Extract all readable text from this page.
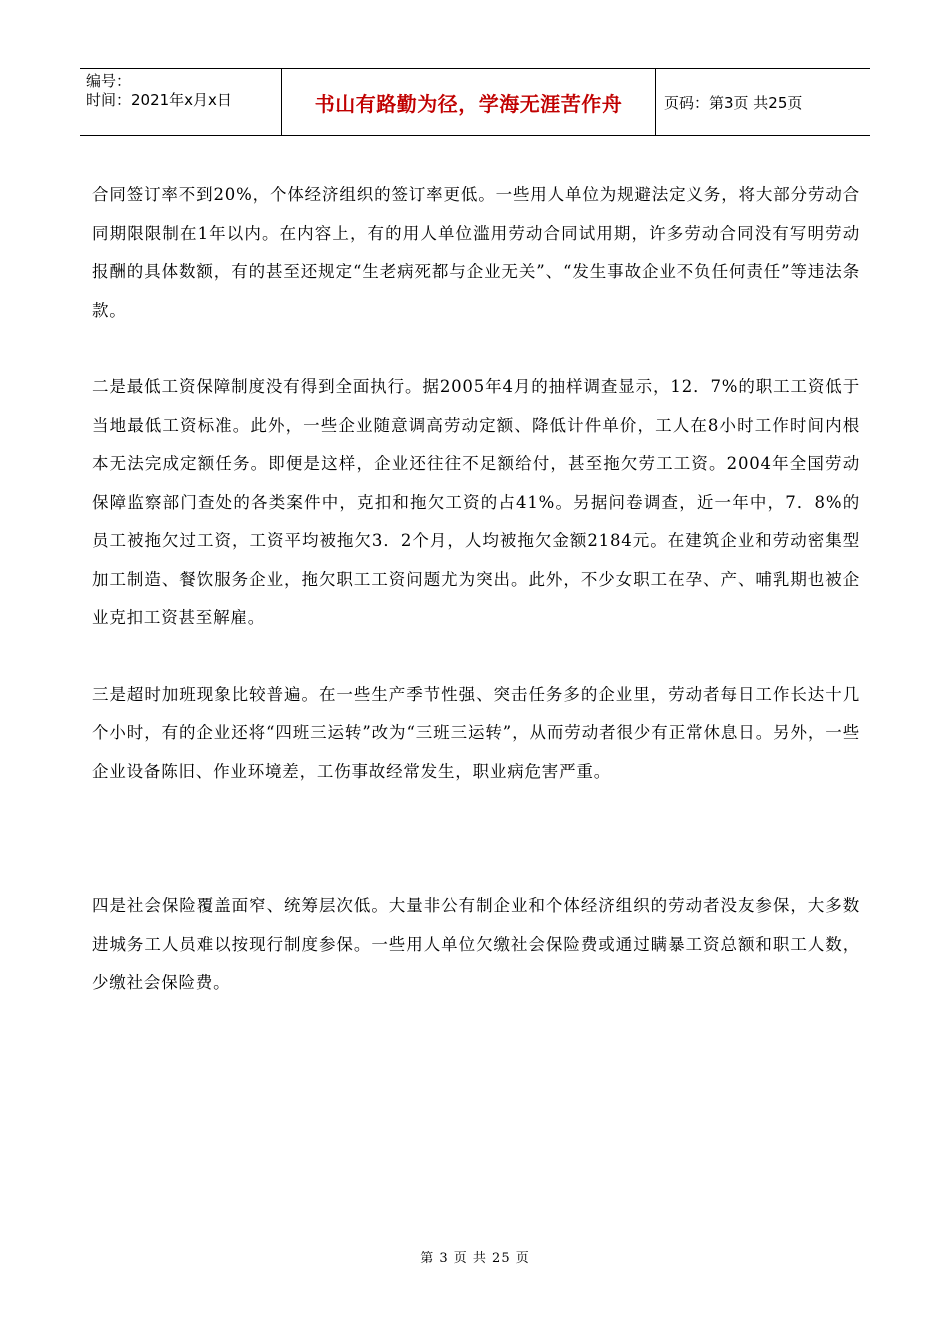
编号：
时间：2021年x月x日	书山有路勤为径，学海无涯苦作舟	页码：第3页 共25页

合同签订率不到20%，个体经济组织的签订率更低。一些用人单位为规避法定义务，将大部分劳动合同期限限制在1年以内。在内容上，有的用人单位滥用劳动合同试用期，许多劳动合同没有写明劳动报酬的具体数额，有的甚至还规定“生老病死都与企业无关”、“发生事故企业不负任何责任”等违法条款。

二是最低工资保障制度没有得到全面执行。据2005年4月的抽样调查显示，12．7%的职工工资低于当地最低工资标准。此外，一些企业随意调高劳动定额、降低计件单价，工人在8小时工作时间内根本无法完成定额任务。即便是这样，企业还往往不足额给付，甚至拖欠劳工工资。2004年全国劳动保障监察部门查处的各类案件中，克扣和拖欠工资的占41%。另据问卷调查，近一年中，7．8%的员工被拖欠过工资，工资平均被拖欠3．2个月，人均被拖欠金额2184元。在建筑企业和劳动密集型加工制造、餐饮服务企业，拖欠职工工资问题尤为突出。此外，不少女职工在孕、产、哺乳期也被企业克扣工资甚至解雇。

三是超时加班现象比较普遍。在一些生产季节性强、突击任务多的企业里，劳动者每日工作长达十几个小时，有的企业还将“四班三运转”改为“三班三运转”，从而劳动者很少有正常休息日。另外，一些企业设备陈旧、作业环境差，工伤事故经常发生，职业病危害严重。

四是社会保险覆盖面窄、统筹层次低。大量非公有制企业和个体经济组织的劳动者没友参保，大多数进城务工人员难以按现行制度参保。一些用人单位欠缴社会保险费或通过瞒暴工资总额和职工人数，少缴社会保险费。

第 3 页 共 25 页
